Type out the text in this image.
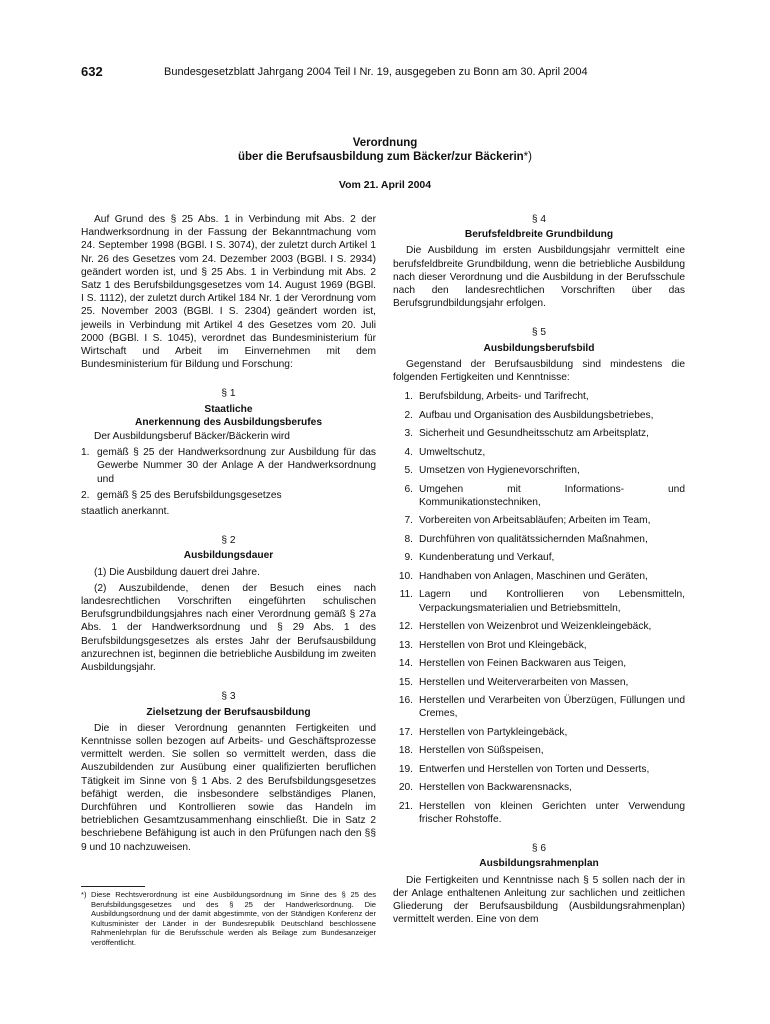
632	Bundesgesetzblatt Jahrgang 2004 Teil I Nr. 19, ausgegeben zu Bonn am 30. April 2004
Verordnung
über die Berufsausbildung zum Bäcker/zur Bäckerin*)
Vom 21. April 2004

Auf Grund des § 25 Abs. 1 in Verbindung mit Abs. 2 der Handwerksordnung in der Fassung der Bekanntmachung vom 24. September 1998 (BGBl. I S. 3074), der zuletzt durch Artikel 1 Nr. 26 des Gesetzes vom 24. Dezember 2003 (BGBl. I S. 2934) geändert worden ist, und § 25 Abs. 1 in Verbindung mit Abs. 2 Satz 1 des Berufsbildungsgesetzes vom 14. August 1969 (BGBl. I S. 1112), der zuletzt durch Artikel 184 Nr. 1 der Verordnung vom 25. November 2003 (BGBl. I S. 2304) geändert worden ist, jeweils in Verbindung mit Artikel 4 des Gesetzes vom 20. Juli 2000 (BGBl. I S. 1045), verordnet das Bundesministerium für Wirtschaft und Arbeit im Einvernehmen mit dem Bundesministerium für Bildung und Forschung:

§ 1
Staatliche
Anerkennung des Ausbildungsberufes

Der Ausbildungsberuf Bäcker/Bäckerin wird

1. gemäß § 25 der Handwerksordnung zur Ausbildung für das Gewerbe Nummer 30 der Anlage A der Handwerksordnung und
2. gemäß § 25 des Berufsbildungsgesetzes

staatlich anerkannt.

§ 2
Ausbildungsdauer

(1) Die Ausbildung dauert drei Jahre.

(2) Auszubildende, denen der Besuch eines nach landesrechtlichen Vorschriften eingeführten schulischen Berufsgrundbildungsjahres nach einer Verordnung gemäß § 27a Abs. 1 der Handwerksordnung und § 29 Abs. 1 des Berufsbildungsgesetzes als erstes Jahr der Berufsausbildung anzurechnen ist, beginnen die betriebliche Ausbildung im zweiten Ausbildungsjahr.

§ 3
Zielsetzung der Berufsausbildung

Die in dieser Verordnung genannten Fertigkeiten und Kenntnisse sollen bezogen auf Arbeits- und Geschäftsprozesse vermittelt werden. Sie sollen so vermittelt werden, dass die Auszubildenden zur Ausübung einer qualifizierten beruflichen Tätigkeit im Sinne von § 1 Abs. 2 des Berufsbildungsgesetzes befähigt werden, die insbesondere selbständiges Planen, Durchführen und Kontrollieren sowie das Handeln im betrieblichen Gesamtzusammenhang einschließt. Die in Satz 2 beschriebene Befähigung ist auch in den Prüfungen nach den §§ 9 und 10 nachzuweisen.

*) Diese Rechtsverordnung ist eine Ausbildungsordnung im Sinne des § 25 des Berufsbildungsgesetzes und des § 25 der Handwerksordnung. Die Ausbildungsordnung und der damit abgestimmte, von der Ständigen Konferenz der Kultusminister der Länder in der Bundesrepublik Deutschland beschlossene Rahmenlehrplan für die Berufsschule werden als Beilage zum Bundesanzeiger veröffentlicht.
§ 4
Berufsfeldbreite Grundbildung

Die Ausbildung im ersten Ausbildungsjahr vermittelt eine berufsfeldbreite Grundbildung, wenn die betriebliche Ausbildung nach dieser Verordnung und die Ausbildung in der Berufsschule nach den landesrechtlichen Vorschriften über das Berufsgrundbildungsjahr erfolgen.

§ 5
Ausbildungsberufsbild

Gegenstand der Berufsausbildung sind mindestens die folgenden Fertigkeiten und Kenntnisse:

1. Berufsbildung, Arbeits- und Tarifrecht,
2. Aufbau und Organisation des Ausbildungsbetriebes,
3. Sicherheit und Gesundheitsschutz am Arbeitsplatz,
4. Umweltschutz,
5. Umsetzen von Hygienevorschriften,
6. Umgehen mit Informations- und Kommunikationstechniken,
7. Vorbereiten von Arbeitsabläufen; Arbeiten im Team,
8. Durchführen von qualitätssichernden Maßnahmen,
9. Kundenberatung und Verkauf,
10. Handhaben von Anlagen, Maschinen und Geräten,
11. Lagern und Kontrollieren von Lebensmitteln, Verpackungsmaterialien und Betriebsmitteln,
12. Herstellen von Weizenbrot und Weizenkleingebäck,
13. Herstellen von Brot und Kleingebäck,
14. Herstellen von Feinen Backwaren aus Teigen,
15. Herstellen und Weiterverarbeiten von Massen,
16. Herstellen und Verarbeiten von Überzügen, Füllungen und Cremes,
17. Herstellen von Partykleingebäck,
18. Herstellen von Süßspeisen,
19. Entwerfen und Herstellen von Torten und Desserts,
20. Herstellen von Backwarensnacks,
21. Herstellen von kleinen Gerichten unter Verwendung frischer Rohstoffe.
§ 6
Ausbildungsrahmenplan

Die Fertigkeiten und Kenntnisse nach § 5 sollen nach der in der Anlage enthaltenen Anleitung zur sachlichen und zeitlichen Gliederung der Berufsausbildung (Ausbildungsrahmenplan) vermittelt werden. Eine von dem
